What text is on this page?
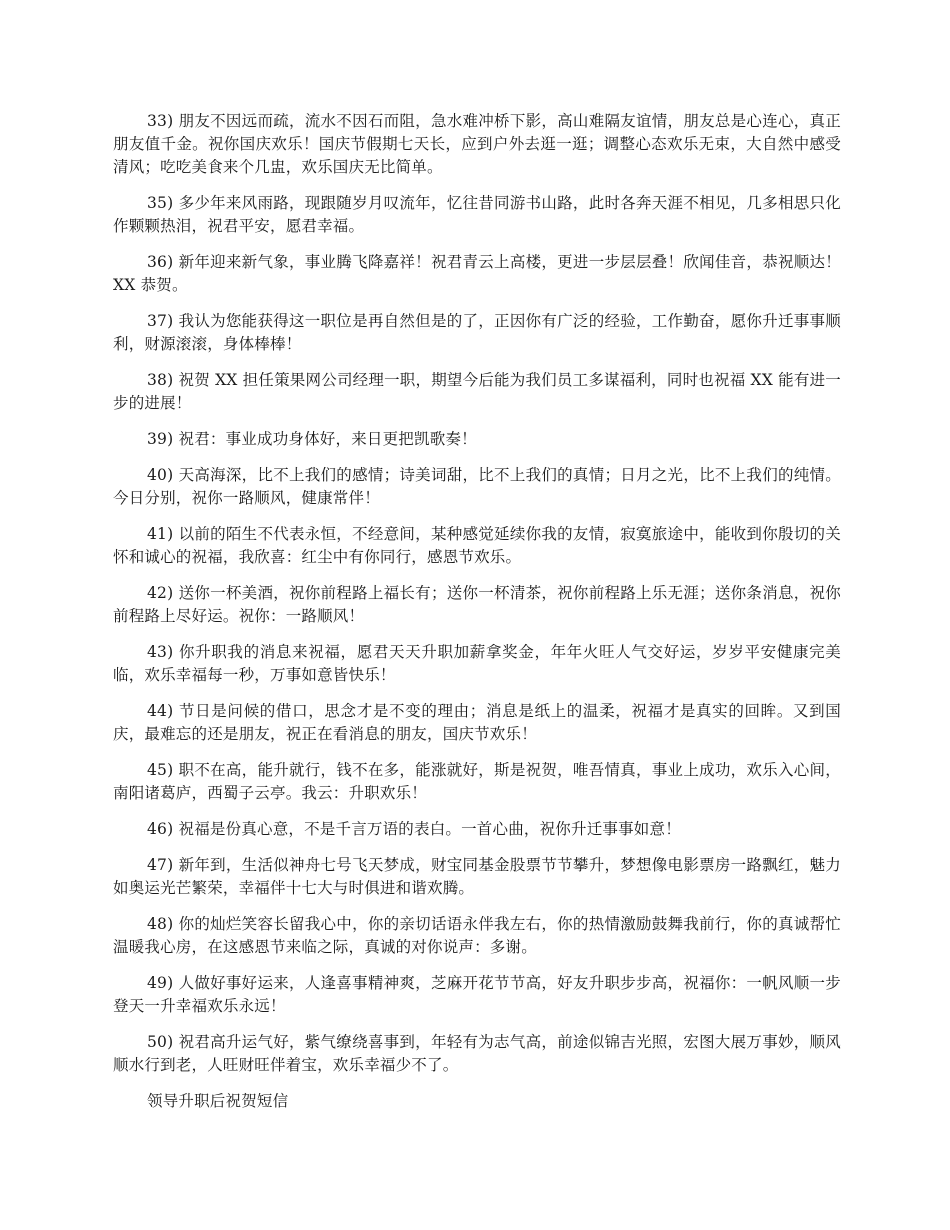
33) 朋友不因远而疏，流水不因石而阻，急水难冲桥下影，高山难隔友谊情，朋友总是心连心，真正朋友值千金。祝你国庆欢乐！国庆节假期七天长，应到户外去逛一逛；调整心态欢乐无束，大自然中感受清风；吃吃美食来个几盅，欢乐国庆无比简单。

35) 多少年来风雨路，现跟随岁月叹流年，忆往昔同游书山路，此时各奔天涯不相见，几多相思只化作颗颗热泪，祝君平安，愿君幸福。

36) 新年迎来新气象，事业腾飞降嘉祥！祝君青云上高楼，更进一步层层叠！欣闻佳音，恭祝顺达！XX 恭贺。

37) 我认为您能获得这一职位是再自然但是的了，正因你有广泛的经验，工作勤奋，愿你升迁事事顺利，财源滚滚，身体棒棒！

38) 祝贺 XX 担任策果网公司经理一职，期望今后能为我们员工多谋福利，同时也祝福 XX 能有进一步的进展！

39) 祝君：事业成功身体好，来日更把凯歌奏！

40) 天高海深，比不上我们的感情；诗美词甜，比不上我们的真情；日月之光，比不上我们的纯情。今日分别，祝你一路顺风，健康常伴！

41) 以前的陌生不代表永恒，不经意间，某种感觉延续你我的友情，寂寞旅途中，能收到你殷切的关怀和诚心的祝福，我欣喜：红尘中有你同行，感恩节欢乐。

42) 送你一杯美酒，祝你前程路上福长有；送你一杯清茶，祝你前程路上乐无涯；送你条消息，祝你前程路上尽好运。祝你：一路顺风！

43) 你升职我的消息来祝福，愿君天天升职加薪拿奖金，年年火旺人气交好运，岁岁平安健康完美临，欢乐幸福每一秒，万事如意皆快乐！

44) 节日是问候的借口，思念才是不变的理由；消息是纸上的温柔，祝福才是真实的回眸。又到国庆，最难忘的还是朋友，祝正在看消息的朋友，国庆节欢乐！

45) 职不在高，能升就行，钱不在多，能涨就好，斯是祝贺，唯吾情真，事业上成功，欢乐入心间，南阳诸葛庐，西蜀子云亭。我云：升职欢乐！

46) 祝福是份真心意，不是千言万语的表白。一首心曲，祝你升迁事事如意！

47) 新年到，生活似神舟七号飞天梦成，财宝同基金股票节节攀升，梦想像电影票房一路飘红，魅力如奥运光芒繁荣，幸福伴十七大与时俱进和谐欢腾。

48) 你的灿烂笑容长留我心中，你的亲切话语永伴我左右，你的热情激励鼓舞我前行，你的真诚帮忙温暖我心房，在这感恩节来临之际，真诚的对你说声：多谢。

49) 人做好事好运来，人逢喜事精神爽，芝麻开花节节高，好友升职步步高，祝福你：一帆风顺一步登天一升幸福欢乐永远！

50) 祝君高升运气好，紫气缭绕喜事到，年轻有为志气高，前途似锦吉光照，宏图大展万事妙，顺风顺水行到老，人旺财旺伴着宝，欢乐幸福少不了。

领导升职后祝贺短信
